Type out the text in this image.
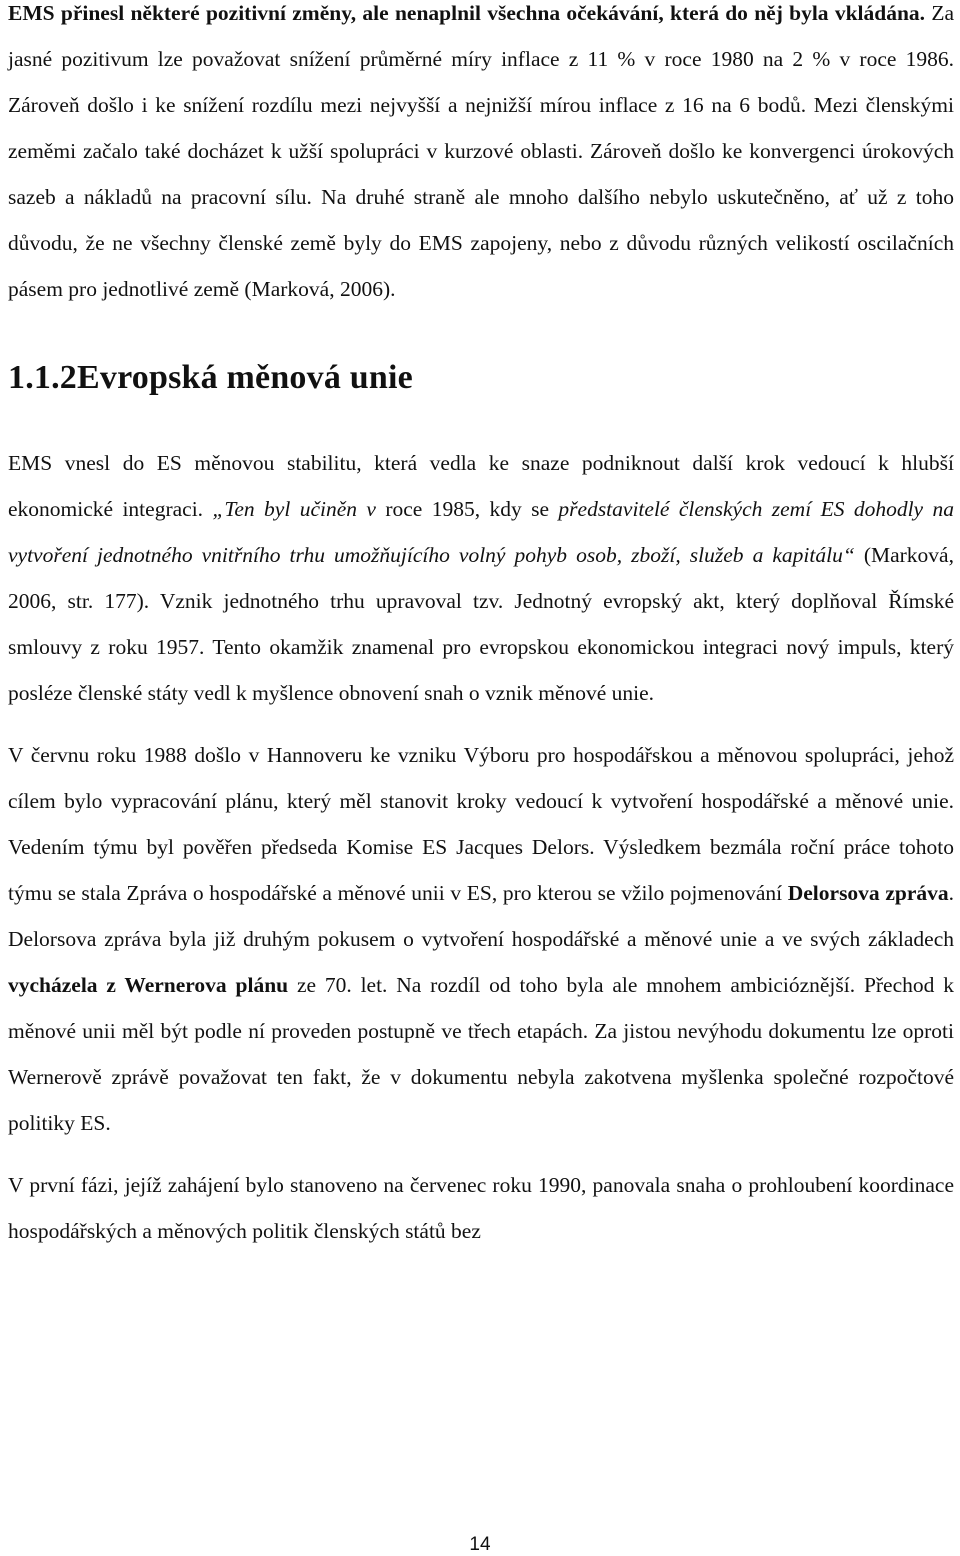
EMS přinesl některé pozitivní změny, ale nenaplnil všechna očekávání, která do něj byla vkládána. Za jasné pozitivum lze považovat snížení průměrné míry inflace z 11 % v roce 1980 na 2 % v roce 1986. Zároveň došlo i ke snížení rozdílu mezi nejvyšší a nejnižší mírou inflace z 16 na 6 bodů. Mezi členskými zeměmi začalo také docházet k užší spolupráci v kurzové oblasti. Zároveň došlo ke konvergenci úrokových sazeb a nákladů na pracovní sílu. Na druhé straně ale mnoho dalšího nebylo uskutečněno, ať už z toho důvodu, že ne všechny členské země byly do EMS zapojeny, nebo z důvodu různých velikostí oscilačních pásem pro jednotlivé země (Marková, 2006).

1.1.2Evropská měnová unie

EMS vnesl do ES měnovou stabilitu, která vedla ke snaze podniknout další krok vedoucí k hlubší ekonomické integraci. „Ten byl učiněn v roce 1985, kdy se představitelé členských zemí ES dohodly na vytvoření jednotného vnitřního trhu umožňujícího volný pohyb osob, zboží, služeb a kapitálu“ (Marková, 2006, str. 177). Vznik jednotného trhu upravoval tzv. Jednotný evropský akt, který doplňoval Římské smlouvy z roku 1957. Tento okamžik znamenal pro evropskou ekonomickou integraci nový impuls, který posléze členské státy vedl k myšlence obnovení snah o vznik měnové unie.

V červnu roku 1988 došlo v Hannoveru ke vzniku Výboru pro hospodářskou a měnovou spolupráci, jehož cílem bylo vypracování plánu, který měl stanovit kroky vedoucí k vytvoření hospodářské a měnové unie. Vedením týmu byl pověřen předseda Komise ES Jacques Delors. Výsledkem bezmála roční práce tohoto týmu se stala Zpráva o hospodářské a měnové unii v ES, pro kterou se vžilo pojmenování Delorsova zpráva. Delorsova zpráva byla již druhým pokusem o vytvoření hospodářské a měnové unie a ve svých základech vycházela z Wernerova plánu ze 70. let. Na rozdíl od toho byla ale mnohem ambicióznější. Přechod k měnové unii měl být podle ní proveden postupně ve třech etapách. Za jistou nevýhodu dokumentu lze oproti Wernerově zprávě považovat ten fakt, že v dokumentu nebyla zakotvena myšlenka společné rozpočtové politiky ES.

V první fázi, jejíž zahájení bylo stanoveno na červenec roku 1990, panovala snaha o prohloubení koordinace hospodářských a měnových politik členských států bez

14
